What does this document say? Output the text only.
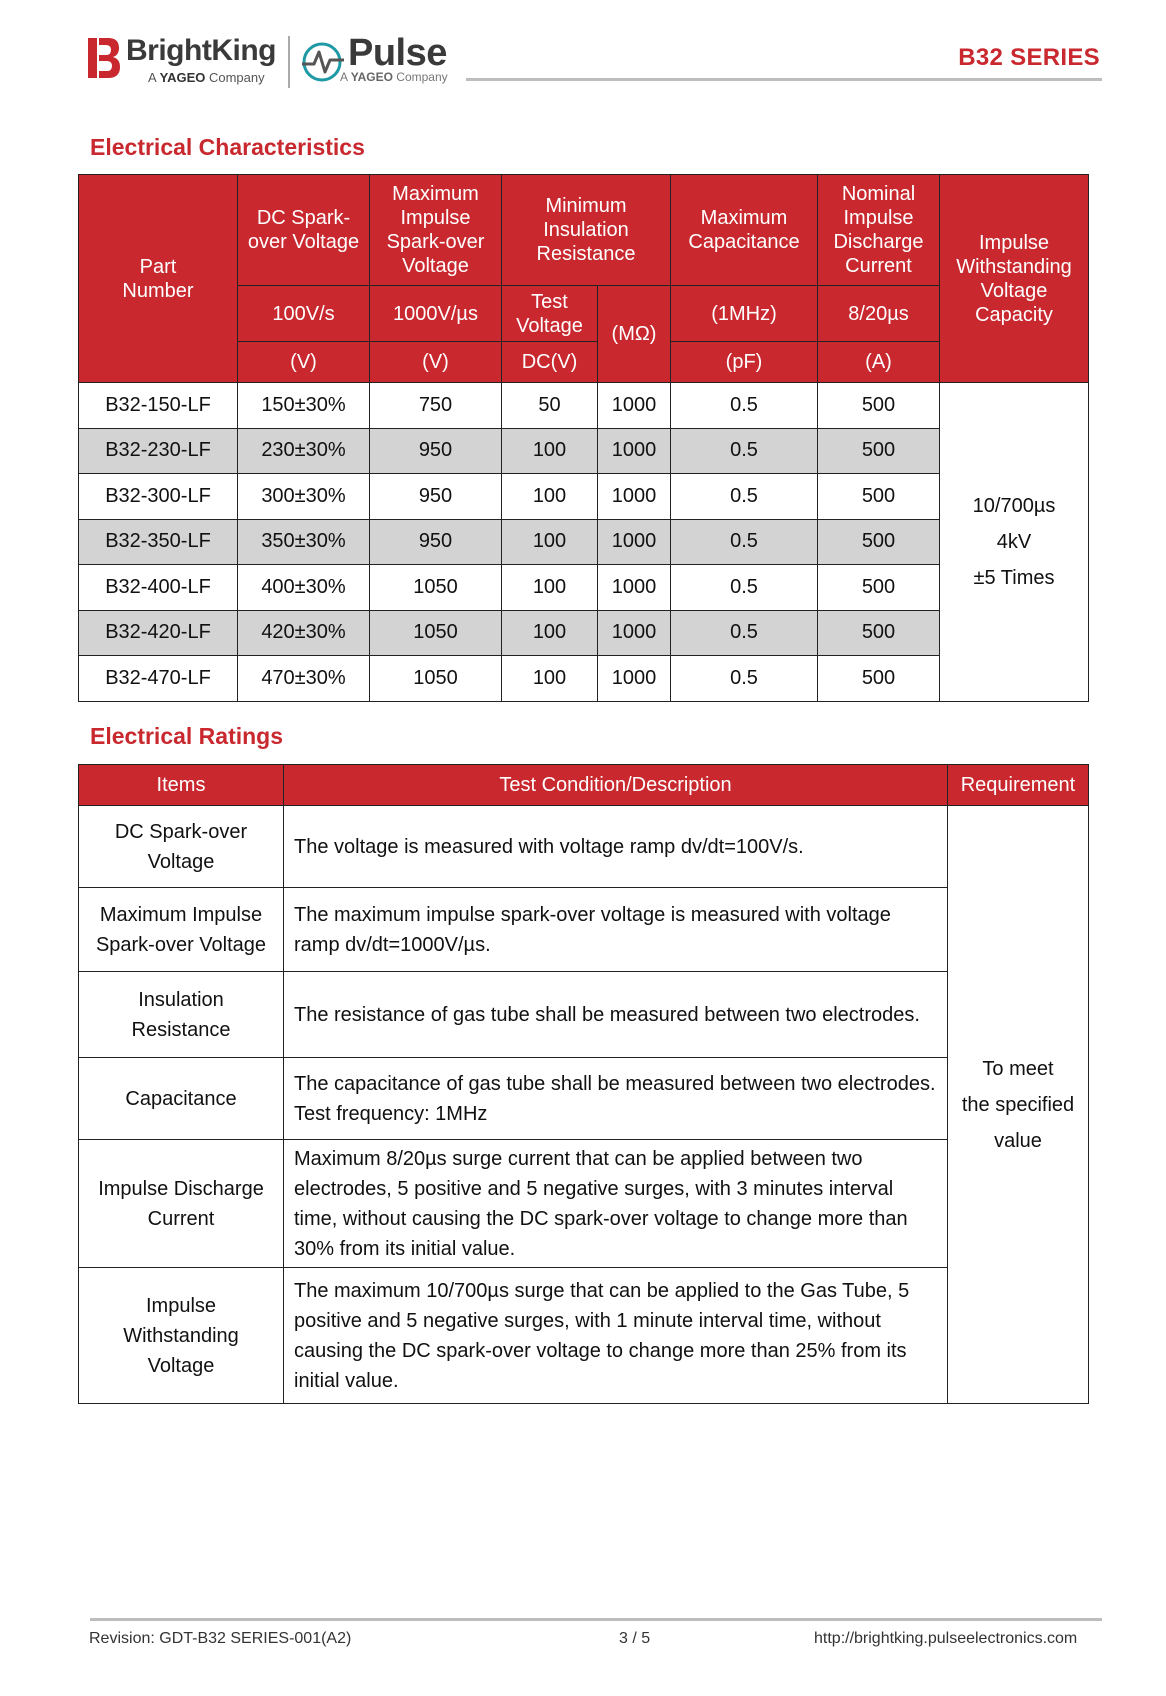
BrightKing
A YAGEO Company
Pulse
A YAGEO Company
B32 SERIES
Electrical Characteristics
Part Number	DC Spark-over Voltage	Maximum Impulse Spark-over Voltage	Minimum Insulation Resistance		Maximum Capacitance	Nominal Impulse Discharge Current	Impulse Withstanding Voltage Capacity
	100V/s	1000V/µs	Test Voltage	(MΩ)	(1MHz)	8/20µs	
	(V)	(V)	DC(V)		(pF)	(A)	
B32-150-LF	150±30%	750	50	1000	0.5	500	10/700µs
4kV
±5 Times

B32-230-LF	230±30%	950	100	1000	0.5	500	
B32-300-LF	300±30%	950	100	1000	0.5	500	
B32-350-LF	350±30%	950	100	1000	0.5	500	
B32-400-LF	400±30%	1050	100	1000	0.5	500	
B32-420-LF	420±30%	1050	100	1000	0.5	500	
B32-470-LF	470±30%	1050	100	1000	0.5	500	
Electrical Ratings
Items	Test Condition/Description	Requirement
DC Spark-over Voltage	The voltage is measured with voltage ramp dv/dt=100V/s.	To meet
the specified
value

Maximum Impulse Spark-over Voltage	The maximum impulse spark-over voltage is measured with voltage ramp dv/dt=1000V/µs.	
Insulation Resistance	The resistance of gas tube shall be measured between two electrodes.	
Capacitance	The capacitance of gas tube shall be measured between two electrodes. Test frequency: 1MHz	
Impulse Discharge Current	Maximum 8/20µs surge current that can be applied between two electrodes, 5 positive and 5 negative surges, with 3 minutes interval time, without causing the DC spark-over voltage to change more than 30% from its initial value.	
Impulse Withstanding Voltage	The maximum 10/700µs surge that can be applied to the Gas Tube, 5 positive and 5 negative surges, with 1 minute interval time, without causing the DC spark-over voltage to change more than 25% from its initial value.	
Revision: GDT-B32 SERIES-001(A2)	3 / 5	http://brightking.pulseelectronics.com
